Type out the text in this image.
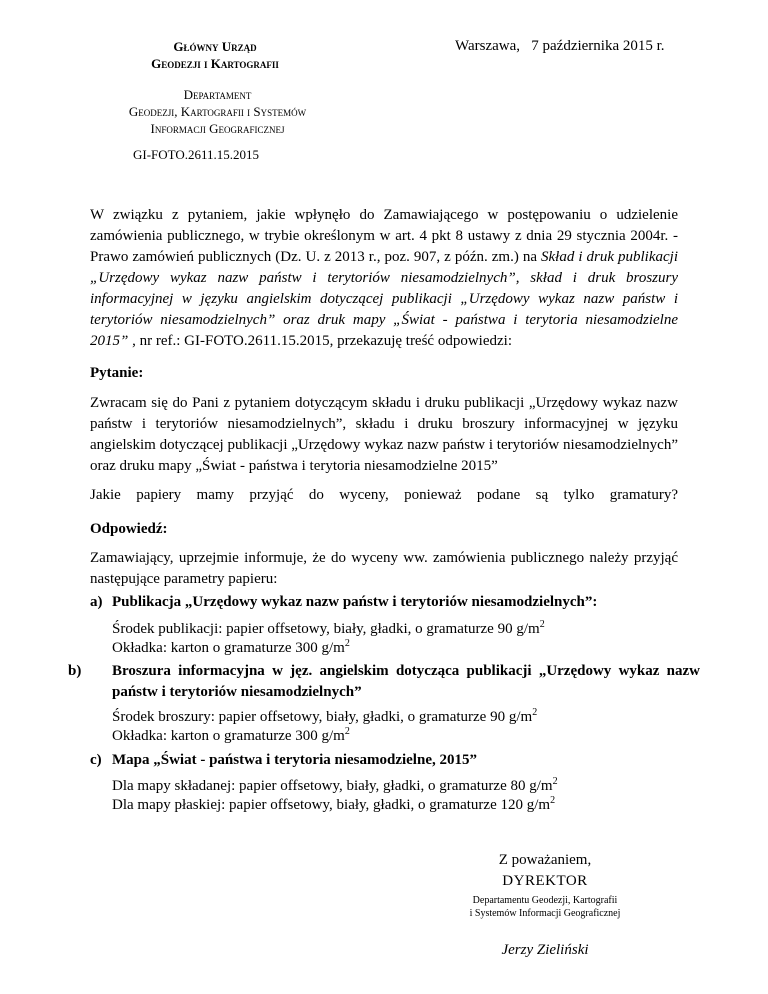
Główny Urząd
Geodezji i Kartografii
Departament
Geodezji, Kartografii i Systemów
Informacji Geograficznej
GI-FOTO.2611.15.2015
Warszawa,   7 października 2015 r.
W związku z pytaniem, jakie wpłynęło do Zamawiającego w postępowaniu o udzielenie zamówienia publicznego, w trybie określonym w art. 4 pkt 8 ustawy z dnia 29 stycznia 2004r. - Prawo zamówień publicznych (Dz. U. z 2013 r., poz. 907, z późn. zm.) na Skład i druk publikacji „Urzędowy wykaz nazw państw i terytoriów niesamodzielnych”, skład i druk broszury informacyjnej w języku angielskim dotyczącej publikacji „Urzędowy wykaz nazw państw i terytoriów niesamodzielnych” oraz druk mapy „Świat - państwa i terytoria niesamodzielne 2015” , nr ref.: GI-FOTO.2611.15.2015, przekazuję treść odpowiedzi:
Pytanie:
Zwracam się do Pani z pytaniem dotyczącym składu i druku publikacji „Urzędowy wykaz nazw państw i terytoriów niesamodzielnych”, składu i druku broszury informacyjnej w języku angielskim dotyczącej publikacji „Urzędowy wykaz nazw państw i terytoriów niesamodzielnych” oraz druku mapy „Świat - państwa i terytoria niesamodzielne 2015”
Jakie papiery mamy przyjąć do wyceny, ponieważ podane są tylko gramatury?
Odpowiedź:
Zamawiający, uprzejmie informuje, że do wyceny ww. zamówienia publicznego należy przyjąć następujące parametry papieru:
a) Publikacja „Urzędowy wykaz nazw państw i terytoriów niesamodzielnych”:
Środek publikacji: papier offsetowy, biały, gładki, o gramaturze 90 $g/m^2$
Okładka: karton o gramaturze 300 $g/m^2$
b) Broszura informacyjna w jęz. angielskim dotycząca publikacji „Urzędowy wykaz nazw państw i terytoriów niesamodzielnych”
Środek broszury: papier offsetowy, biały, gładki, o gramaturze 90 $g/m^2$
Okładka: karton o gramaturze 300 $g/m^2$
c) Mapa „Świat - państwa i terytoria niesamodzielne, 2015”
Dla mapy składanej: papier offsetowy, biały, gładki, o gramaturze 80 $g/m^2$
Dla mapy płaskiej: papier offsetowy, biały, gładki, o gramaturze 120 $g/m^2$
Z poważaniem,
DYREKTOR
Departamentu Geodezji, Kartografii
i Systemów Informacji Geograficznej
Jerzy Zieliński
